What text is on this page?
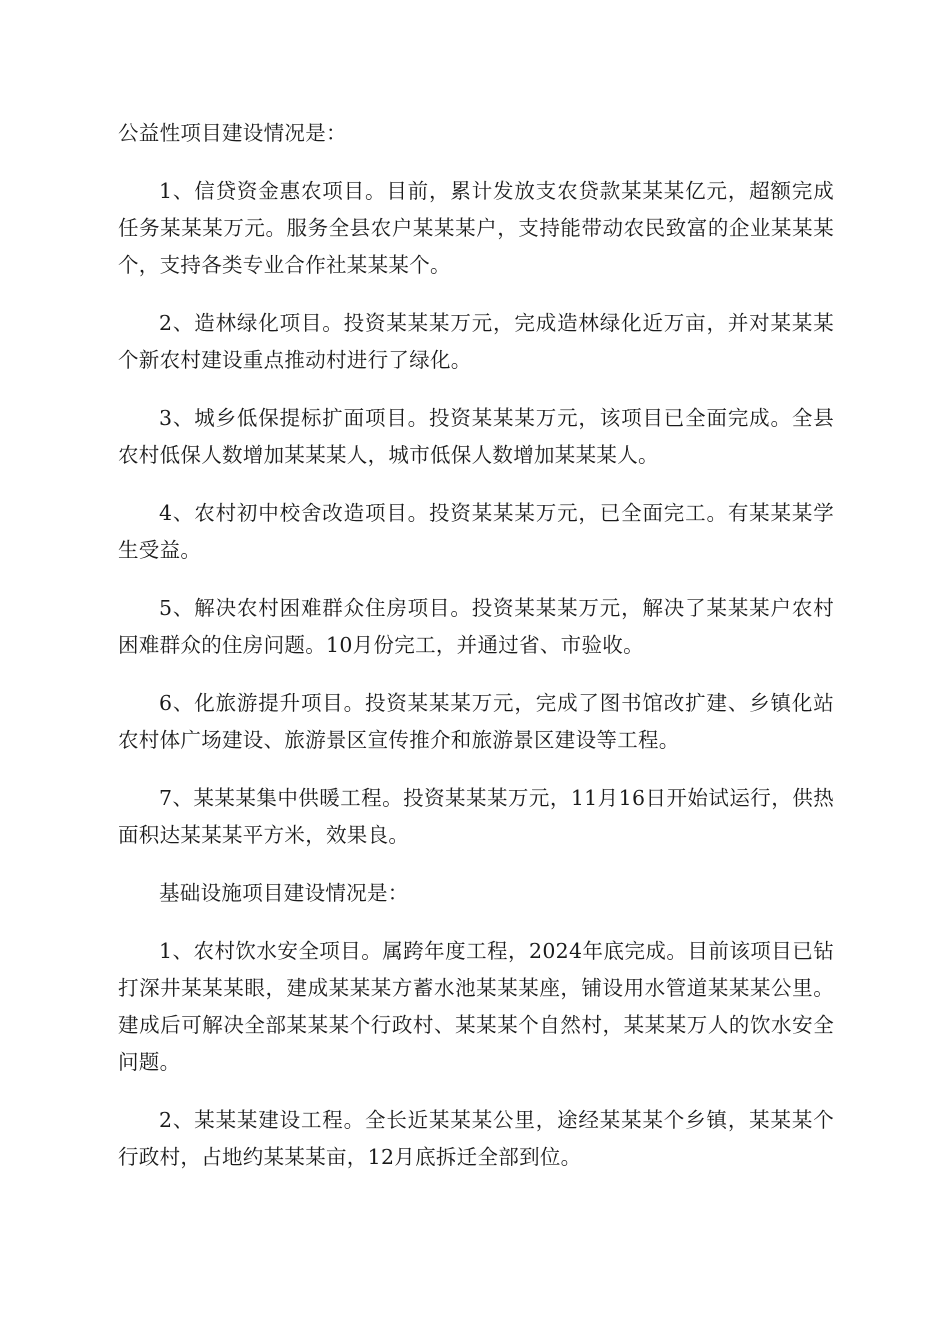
公益性项目建设情况是：

1、信贷资金惠农项目。目前，累计发放支农贷款某某某亿元，超额完成任务某某某万元。服务全县农户某某某户，支持能带动农民致富的企业某某某个，支持各类专业合作社某某某个。

2、造林绿化项目。投资某某某万元，完成造林绿化近万亩，并对某某某个新农村建设重点推动村进行了绿化。

3、城乡低保提标扩面项目。投资某某某万元，该项目已全面完成。全县农村低保人数增加某某某人，城市低保人数增加某某某人。

4、农村初中校舍改造项目。投资某某某万元，已全面完工。有某某某学生受益。

5、解决农村困难群众住房项目。投资某某某万元，解决了某某某户农村困难群众的住房问题。10月份完工，并通过省、市验收。

6、化旅游提升项目。投资某某某万元，完成了图书馆改扩建、乡镇化站农村体广场建设、旅游景区宣传推介和旅游景区建设等工程。

7、某某某集中供暖工程。投资某某某万元，11月16日开始试运行，供热面积达某某某平方米，效果良。

基础设施项目建设情况是：

1、农村饮水安全项目。属跨年度工程，2024年底完成。目前该项目已钻打深井某某某眼，建成某某某方蓄水池某某某座，铺设用水管道某某某公里。建成后可解决全部某某某个行政村、某某某个自然村，某某某万人的饮水安全问题。

2、某某某建设工程。全长近某某某公里，途经某某某个乡镇，某某某个行政村，占地约某某某亩，12月底拆迁全部到位。
